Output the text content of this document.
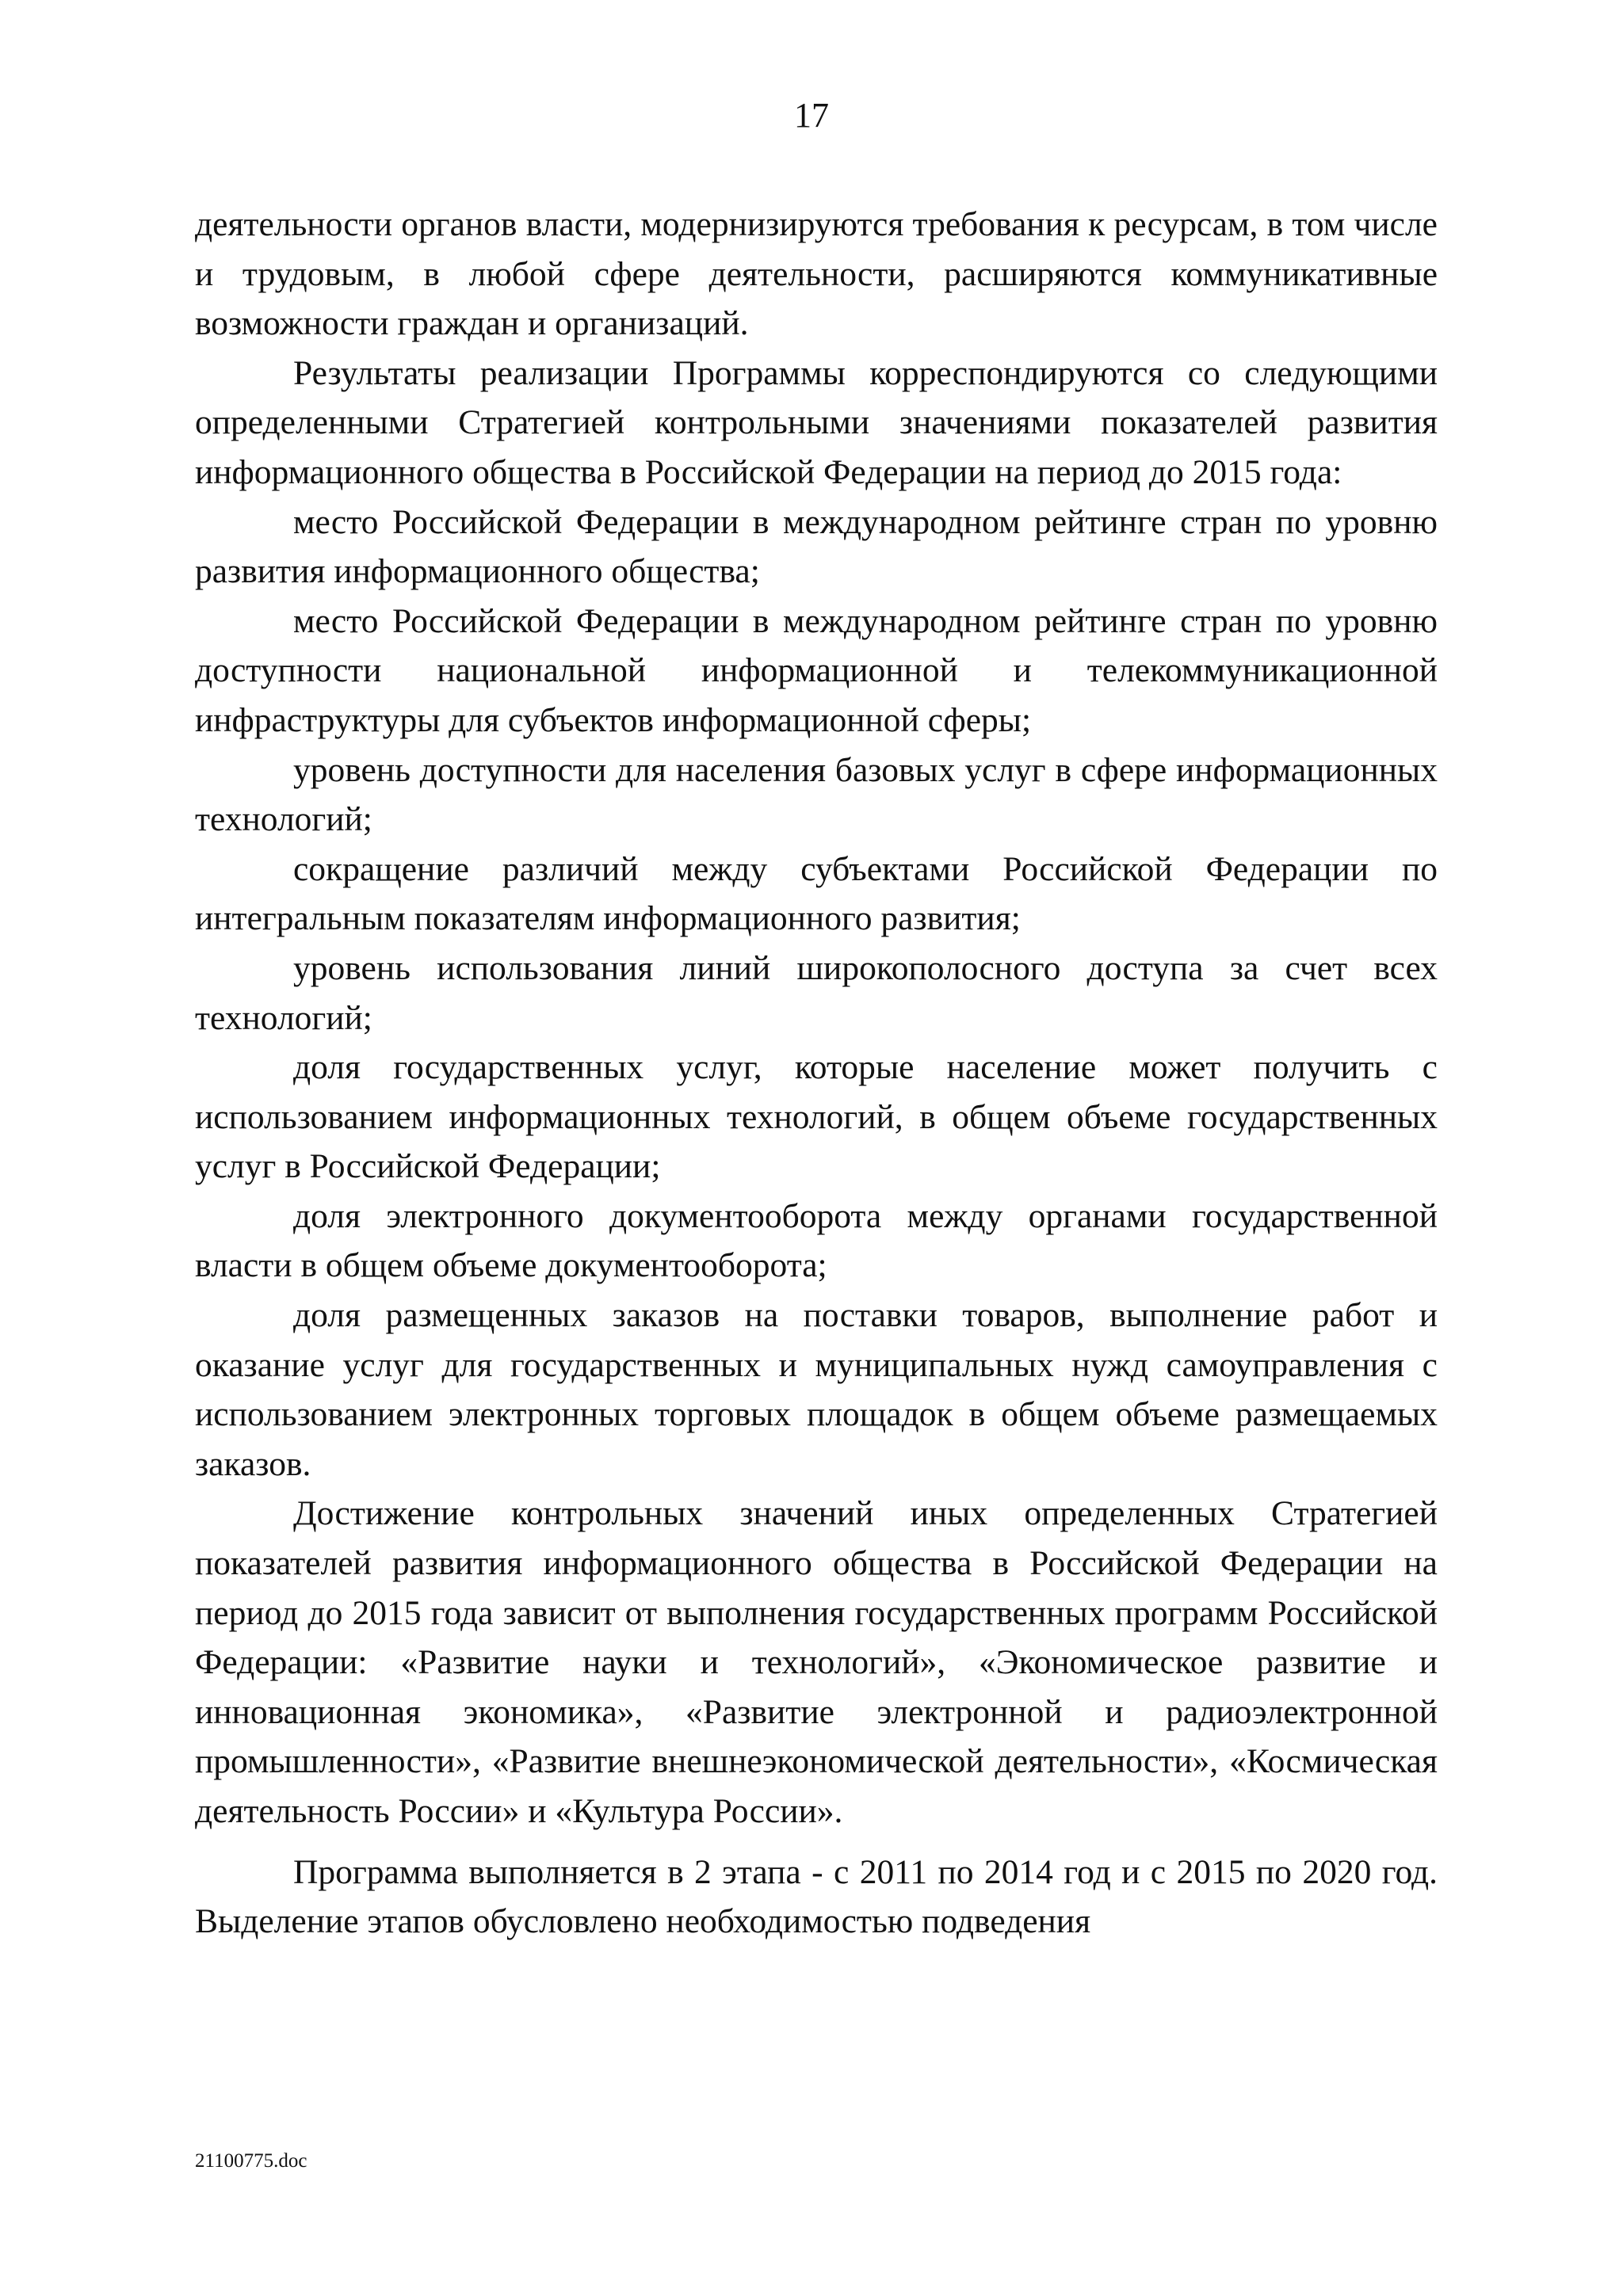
17

деятельности органов власти, модернизируются требования к ресурсам, в том числе и трудовым, в любой сфере деятельности, расширяются коммуникативные возможности граждан и организаций.

Результаты реализации Программы корреспондируются со следующими определенными Стратегией контрольными значениями показателей развития информационного общества в Российской Федерации на период до 2015 года:

место Российской Федерации в международном рейтинге стран по уровню развития информационного общества;

место Российской Федерации в международном рейтинге стран по уровню доступности национальной информационной и телекоммуникационной инфраструктуры для субъектов информационной сферы;

уровень доступности для населения базовых услуг в сфере информационных технологий;

сокращение различий между субъектами Российской Федерации по интегральным показателям информационного развития;

уровень использования линий широкополосного доступа за счет всех технологий;

доля государственных услуг, которые население может получить с использованием информационных технологий, в общем объеме государственных услуг в Российской Федерации;

доля электронного документооборота между органами государственной власти в общем объеме документооборота;

доля размещенных заказов на поставки товаров, выполнение работ и оказание услуг для государственных и муниципальных нужд самоуправления с использованием электронных торговых площадок в общем объеме размещаемых заказов.

Достижение контрольных значений иных определенных Стратегией показателей развития информационного общества в Российской Федерации на период до 2015 года зависит от выполнения государственных программ Российской Федерации: «Развитие науки и технологий», «Экономическое развитие и инновационная экономика», «Развитие электронной и радиоэлектронной промышленности», «Развитие внешнеэкономической деятельности», «Космическая деятельность России» и «Культура России».

Программа выполняется в 2 этапа - с 2011 по 2014 год и с 2015 по 2020 год. Выделение этапов обусловлено необходимостью подведения

21100775.doc
